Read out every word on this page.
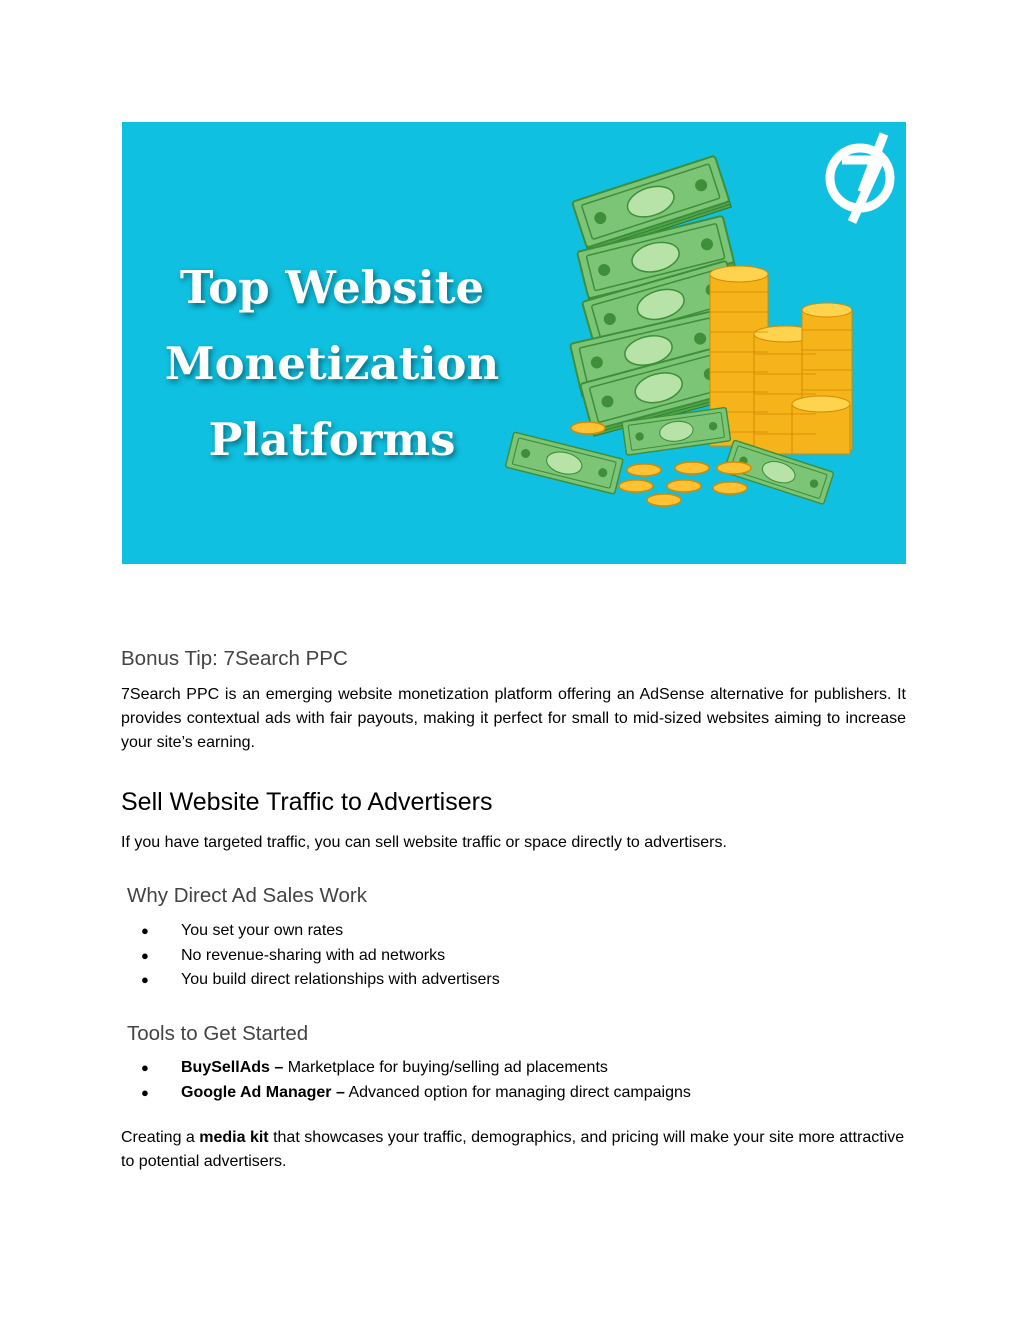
Top Website
Monetization
Platforms
Bonus Tip: 7Search PPC

7Search PPC is an emerging website monetization platform offering an AdSense alternative for publishers. It provides contextual ads with fair payouts, making it perfect for small to mid-sized websites aiming to increase your site’s earning.

Sell Website Traffic to Advertisers

If you have targeted traffic, you can sell website traffic or space directly to advertisers.

Why Direct Ad Sales Work
● You set your own rates
● No revenue-sharing with ad networks
● You build direct relationships with advertisers
Tools to Get Started
● BuySellAds – Marketplace for buying/selling ad placements
● Google Ad Manager – Advanced option for managing direct campaigns

Creating a media kit that showcases your traffic, demographics, and pricing will make your site more attractive to potential advertisers.
